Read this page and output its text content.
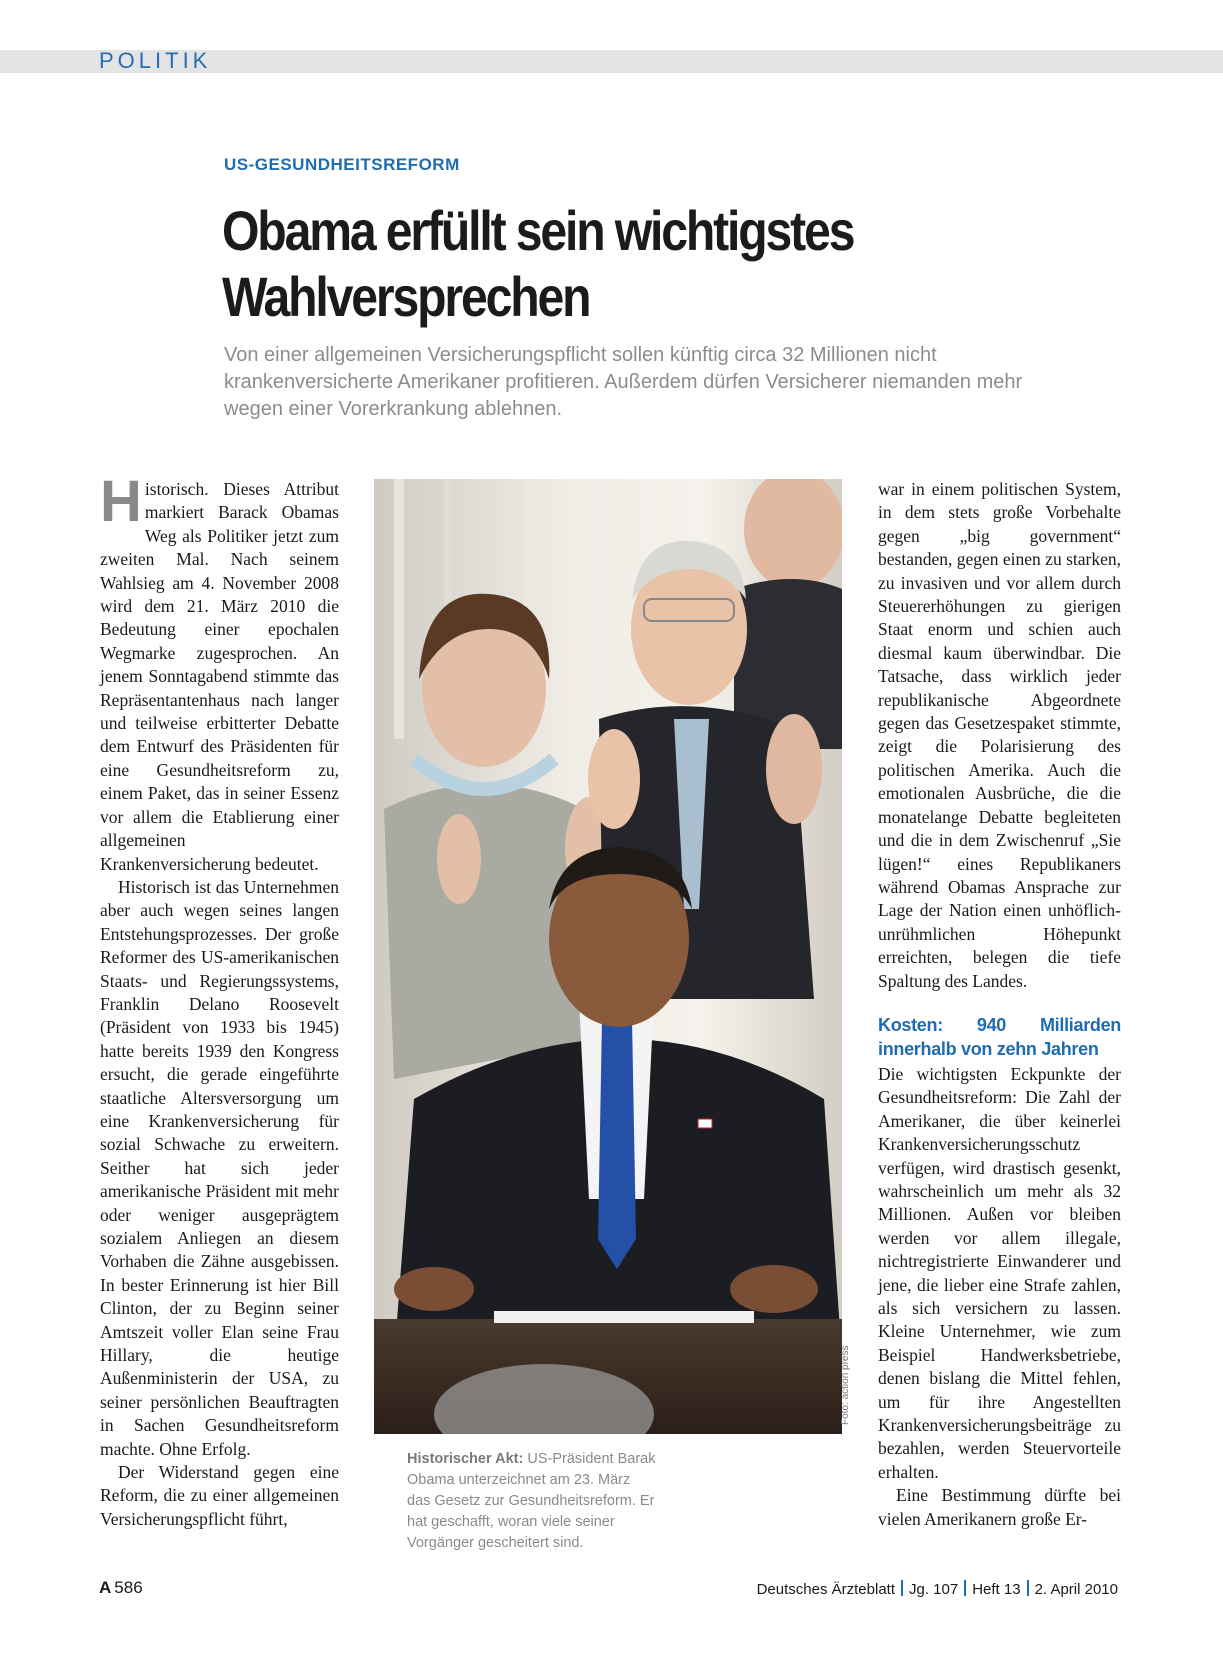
POLITIK
US-GESUNDHEITSREFORM
Obama erfüllt sein wichtigstes
Wahlversprechen
Von einer allgemeinen Versicherungspflicht sollen künftig circa 32 Millionen nicht krankenversicherte Amerikaner profitieren. Außerdem dürfen Versicherer niemanden mehr wegen einer Vorerkrankung ablehnen.

Historisch. Dieses Attribut markiert Barack Obamas Weg als Politiker jetzt zum zweiten Mal. Nach seinem Wahlsieg am 4. November 2008 wird dem 21. März 2010 die Bedeutung einer epochalen Wegmarke zugesprochen. An jenem Sonntagabend stimmte das Repräsentantenhaus nach langer und teilweise erbitterter Debatte dem Entwurf des Präsidenten für eine Gesundheitsreform zu, einem Paket, das in seiner Essenz vor allem die Etablierung einer allgemeinen Krankenversicherung bedeutet.

Historisch ist das Unternehmen aber auch wegen seines langen Entstehungsprozesses. Der große Reformer des US-amerikanischen Staats- und Regierungssystems, Franklin Delano Roosevelt (Präsident von 1933 bis 1945) hatte bereits 1939 den Kongress ersucht, die gerade eingeführte staatliche Altersversorgung um eine Krankenversicherung für sozial Schwache zu erweitern. Seither hat sich jeder amerikanische Präsident mit mehr oder weniger ausgeprägtem sozialem Anliegen an diesem Vorhaben die Zähne ausgebissen. In bester Erinnerung ist hier Bill Clinton, der zu Beginn seiner Amtszeit voller Elan seine Frau Hillary, die heutige Außenministerin der USA, zu seiner persönlichen Beauftragten in Sachen Gesundheitsreform machte. Ohne Erfolg.

Der Widerstand gegen eine Reform, die zu einer allgemeinen Versicherungspflicht führt,

Foto: action press
Historischer Akt: US-Präsident Barak Obama unterzeichnet am 23. März das Gesetz zur Gesundheitsreform. Er hat geschafft, woran viele seiner Vorgänger gescheitert sind.

war in einem politischen System, in dem stets große Vorbehalte gegen „big government“ bestanden, gegen einen zu starken, zu invasiven und vor allem durch Steuererhöhungen zu gierigen Staat enorm und schien auch diesmal kaum überwindbar. Die Tatsache, dass wirklich jeder republikanische Abgeordnete gegen das Gesetzespaket stimmte, zeigt die Polarisierung des politischen Amerika. Auch die emotionalen Ausbrüche, die die monatelange Debatte begleiteten und die in dem Zwischenruf „Sie lügen!“ eines Republikaners während Obamas Ansprache zur Lage der Nation einen unhöflich-unrühmlichen Höhepunkt erreichten, belegen die tiefe Spaltung des Landes.

Kosten: 940 Milliarden innerhalb von zehn Jahren

Die wichtigsten Eckpunkte der Gesundheitsreform: Die Zahl der Amerikaner, die über keinerlei Krankenversicherungsschutz verfügen, wird drastisch gesenkt, wahrscheinlich um mehr als 32 Millionen. Außen vor bleiben werden vor allem illegale, nichtregistrierte Einwanderer und jene, die lieber eine Strafe zahlen, als sich versichern zu lassen. Kleine Unternehmer, wie zum Beispiel Handwerksbetriebe, denen bislang die Mittel fehlen, um für ihre Angestellten Krankenversicherungsbeiträge zu bezahlen, werden Steuervorteile erhalten.

Eine Bestimmung dürfte bei vielen Amerikanern große Er-

A 586	Deutsches Ärzteblatt Jg. 107 Heft 13 2. April 2010
